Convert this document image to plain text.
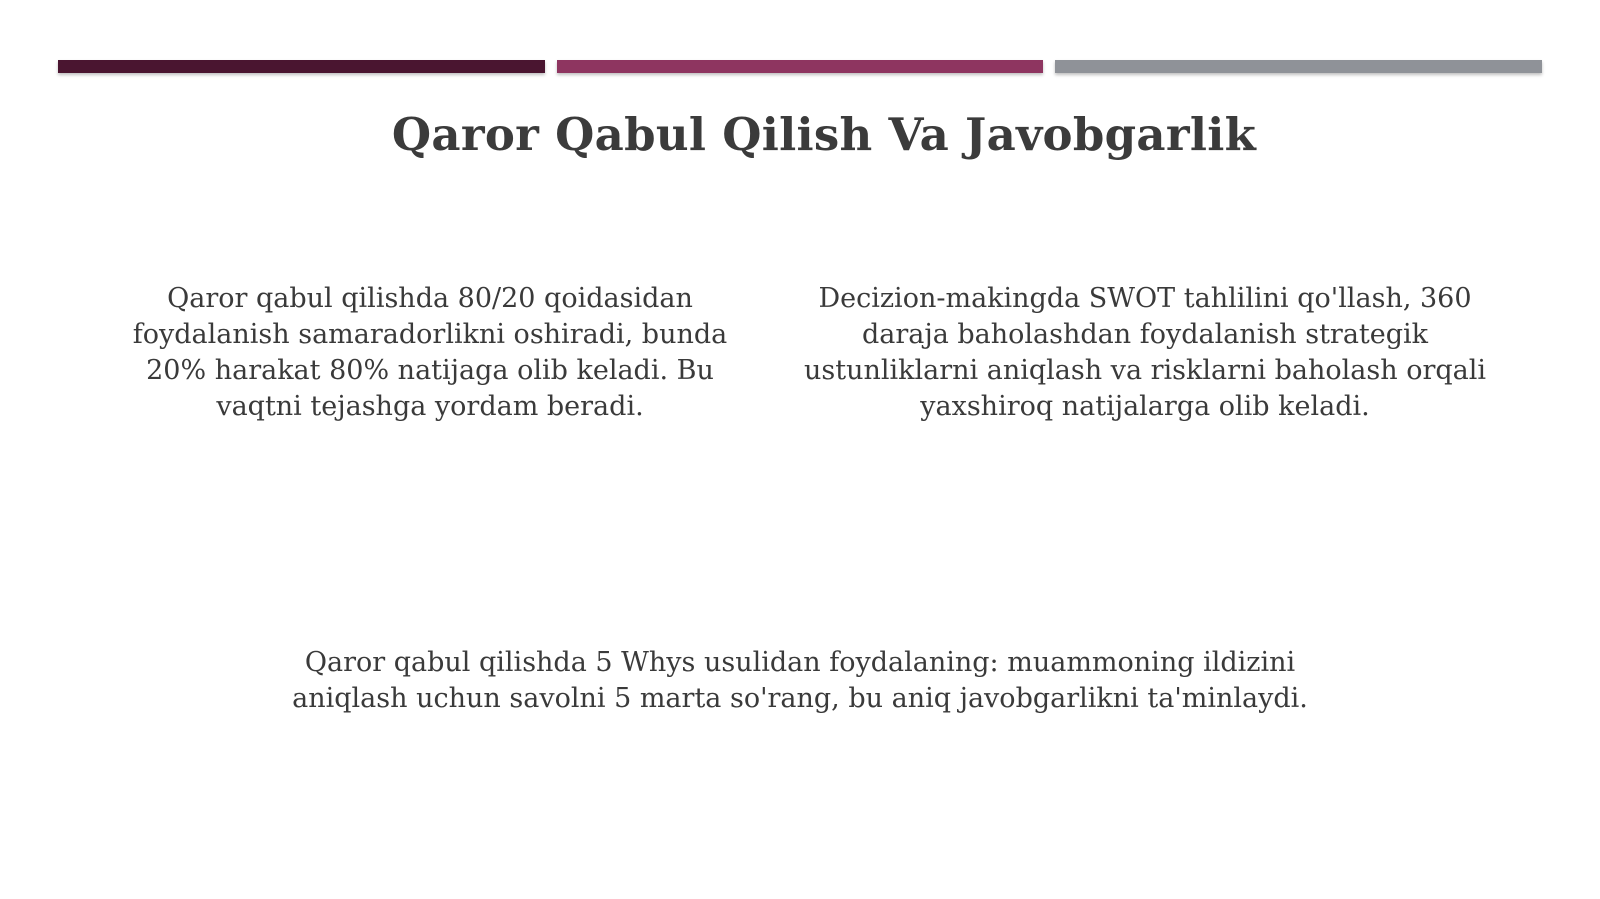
Qaror Qabul Qilish Va Javobgarlik

Qaror qabul qilishda 80/20 qoidasidan foydalanish samaradorlikni oshiradi, bunda 20% harakat 80% natijaga olib keladi. Bu vaqtni tejashga yordam beradi.

Decizion-makingda SWOT tahlilini qo'llash, 360 daraja baholashdan foydalanish strategik ustunliklarni aniqlash va risklarni baholash orqali yaxshiroq natijalarga olib keladi.

Qaror qabul qilishda 5 Whys usulidan foydalaning: muammoning ildizini aniqlash uchun savolni 5 marta so'rang, bu aniq javobgarlikni ta'minlaydi.
